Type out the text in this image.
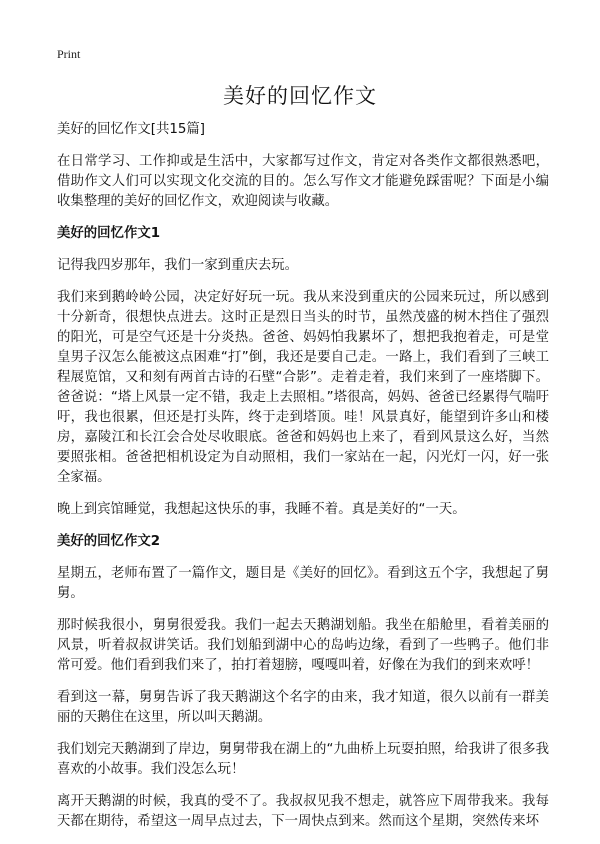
Print
美好的回忆作文

美好的回忆作文[共15篇]

在日常学习、工作抑或是生活中，大家都写过作文，肯定对各类作文都很熟悉吧，借助作文人们可以实现文化交流的目的。怎么写作文才能避免踩雷呢？下面是小编收集整理的美好的回忆作文，欢迎阅读与收藏。

美好的回忆作文1

记得我四岁那年，我们一家到重庆去玩。

我们来到鹅岭岭公园，决定好好玩一玩。我从来没到重庆的公园来玩过，所以感到十分新奇，很想快点进去。这时正是烈日当头的时节，虽然茂盛的树木挡住了强烈的阳光，可是空气还是十分炎热。爸爸、妈妈怕我累坏了，想把我抱着走，可是堂皇男子汉怎么能被这点困难“打”倒，我还是要自己走。一路上，我们看到了三峡工程展览馆，又和刻有两首古诗的石壁“合影”。走着走着，我们来到了一座塔脚下。爸爸说：“塔上风景一定不错，我走上去照相。”塔很高，妈妈、爸爸已经累得气喘吁吁，我也很累，但还是打头阵，终于走到塔顶。哇！风景真好，能望到许多山和楼房，嘉陵江和长江会合处尽收眼底。爸爸和妈妈也上来了，看到风景这么好，当然要照张相。爸爸把相机设定为自动照相，我们一家站在一起，闪光灯一闪，好一张全家福。

晚上到宾馆睡觉，我想起这快乐的事，我睡不着。真是美好的“一天。

美好的回忆作文2

星期五，老师布置了一篇作文，题目是《美好的回忆》。看到这五个字，我想起了舅舅。

那时候我很小，舅舅很爱我。我们一起去天鹅湖划船。我坐在船舱里，看着美丽的风景，听着叔叔讲笑话。我们划船到湖中心的岛屿边缘，看到了一些鸭子。他们非常可爱。他们看到我们来了，拍打着翅膀，嘎嘎叫着，好像在为我们的到来欢呼！

看到这一幕，舅舅告诉了我天鹅湖这个名字的由来，我才知道，很久以前有一群美丽的天鹅住在这里，所以叫天鹅湖。

我们划完天鹅湖到了岸边，舅舅带我在湖上的“九曲桥上玩耍拍照，给我讲了很多我喜欢的小故事。我们没怎么玩！

离开天鹅湖的时候，我真的受不了。我叔叔见我不想走，就答应下周带我来。我每天都在期待，希望这一周早点过去，下一周快点到来。然而这个星期，突然传来坏
